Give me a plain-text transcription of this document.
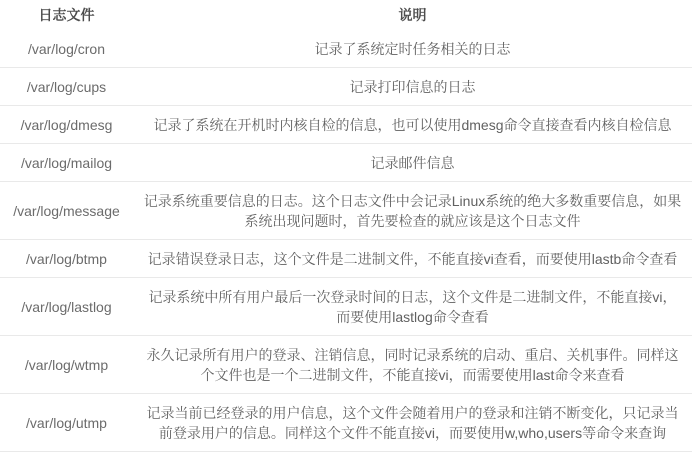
日志文件	说明
/var/log/cron	记录了系统定时任务相关的日志
/var/log/cups	记录打印信息的日志
/var/log/dmesg	记录了系统在开机时内核自检的信息，也可以使用dmesg命令直接查看内核自检信息
/var/log/mailog	记录邮件信息
/var/log/message	记录系统重要信息的日志。这个日志文件中会记录Linux系统的绝大多数重要信息，如果系统出现问题时，首先要检查的就应该是这个日志文件
/var/log/btmp	记录错误登录日志，这个文件是二进制文件，不能直接vi查看，而要使用lastb命令查看
/var/log/lastlog	记录系统中所有用户最后一次登录时间的日志，这个文件是二进制文件，不能直接vi，而要使用lastlog命令查看
/var/log/wtmp	永久记录所有用户的登录、注销信息，同时记录系统的启动、重启、关机事件。同样这个文件也是一个二进制文件，不能直接vi，而需要使用last命令来查看
/var/log/utmp	记录当前已经登录的用户信息，这个文件会随着用户的登录和注销不断变化，只记录当前登录用户的信息。同样这个文件不能直接vi，而要使用w,who,users等命令来查询
